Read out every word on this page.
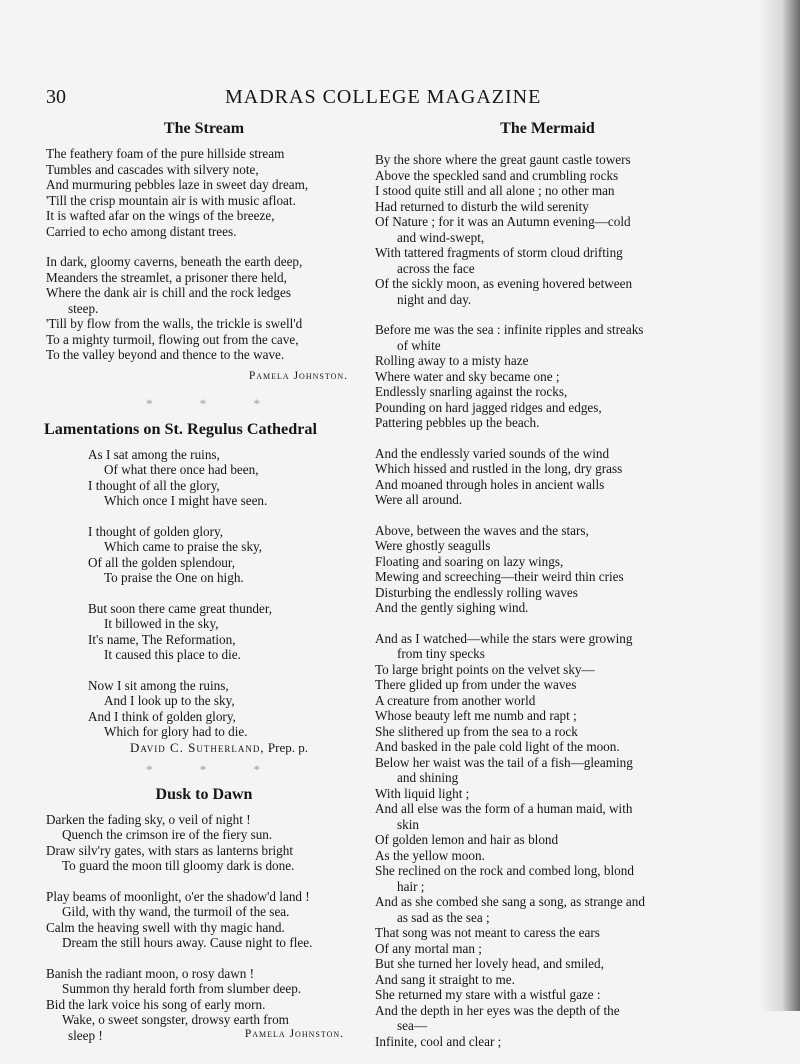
30	MADRAS COLLEGE MAGAZINE
The Stream
The feathery foam of the pure hillside stream
Tumbles and cascades with silvery note,
And murmuring pebbles laze in sweet day dream,
'Till the crisp mountain air is with music afloat.
It is wafted afar on the wings of the breeze,
Carried to echo among distant trees.
In dark, gloomy caverns, beneath the earth deep,
Meanders the streamlet, a prisoner there held,
Where the dank air is chill and the rock ledges
steep.
'Till by flow from the walls, the trickle is swell'd
To a mighty turmoil, flowing out from the cave,
To the valley beyond and thence to the wave.
Pamela Johnston.
* * *
Lamentations on St. Regulus Cathedral
As I sat among the ruins,
Of what there once had been,
I thought of all the glory,
Which once I might have seen.
I thought of golden glory,
Which came to praise the sky,
Of all the golden splendour,
To praise the One on high.
But soon there came great thunder,
It billowed in the sky,
It's name, The Reformation,
It caused this place to die.
Now I sit among the ruins,
And I look up to the sky,
And I think of golden glory,
Which for glory had to die.
David C. Sutherland, Prep. p.
* * *
Dusk to Dawn
Darken the fading sky, o veil of night !
Quench the crimson ire of the fiery sun.
Draw silv'ry gates, with stars as lanterns bright
To guard the moon till gloomy dark is done.
Play beams of moonlight, o'er the shadow'd land !
Gild, with thy wand, the turmoil of the sea.
Calm the heaving swell with thy magic hand.
Dream the still hours away. Cause night to flee.
Banish the radiant moon, o rosy dawn !
Summon thy herald forth from slumber deep.
Bid the lark voice his song of early morn.
Wake, o sweet songster, drowsy earth from
sleep !	Pamela Johnston.
The Mermaid
By the shore where the great gaunt castle towers
Above the speckled sand and crumbling rocks
I stood quite still and all alone ; no other man
Had returned to disturb the wild serenity
Of Nature ; for it was an Autumn evening—cold
and wind-swept,
With tattered fragments of storm cloud drifting
across the face
Of the sickly moon, as evening hovered between
night and day.
Before me was the sea : infinite ripples and streaks
of white
Rolling away to a misty haze
Where water and sky became one ;
Endlessly snarling against the rocks,
Pounding on hard jagged ridges and edges,
Pattering pebbles up the beach.
And the endlessly varied sounds of the wind
Which hissed and rustled in the long, dry grass
And moaned through holes in ancient walls
Were all around.
Above, between the waves and the stars,
Were ghostly seagulls
Floating and soaring on lazy wings,
Mewing and screeching—their weird thin cries
Disturbing the endlessly rolling waves
And the gently sighing wind.
And as I watched—while the stars were growing
from tiny specks
To large bright points on the velvet sky—
There glided up from under the waves
A creature from another world
Whose beauty left me numb and rapt ;
She slithered up from the sea to a rock
And basked in the pale cold light of the moon.
Below her waist was the tail of a fish—gleaming
and shining
With liquid light ;
And all else was the form of a human maid, with
skin
Of golden lemon and hair as blond
As the yellow moon.
She reclined on the rock and combed long, blond
hair ;
And as she combed she sang a song, as strange and
as sad as the sea ;
That song was not meant to caress the ears
Of any mortal man ;
But she turned her lovely head, and smiled,
And sang it straight to me.
She returned my stare with a wistful gaze :
And the depth in her eyes was the depth of the
sea—
Infinite, cool and clear ;
